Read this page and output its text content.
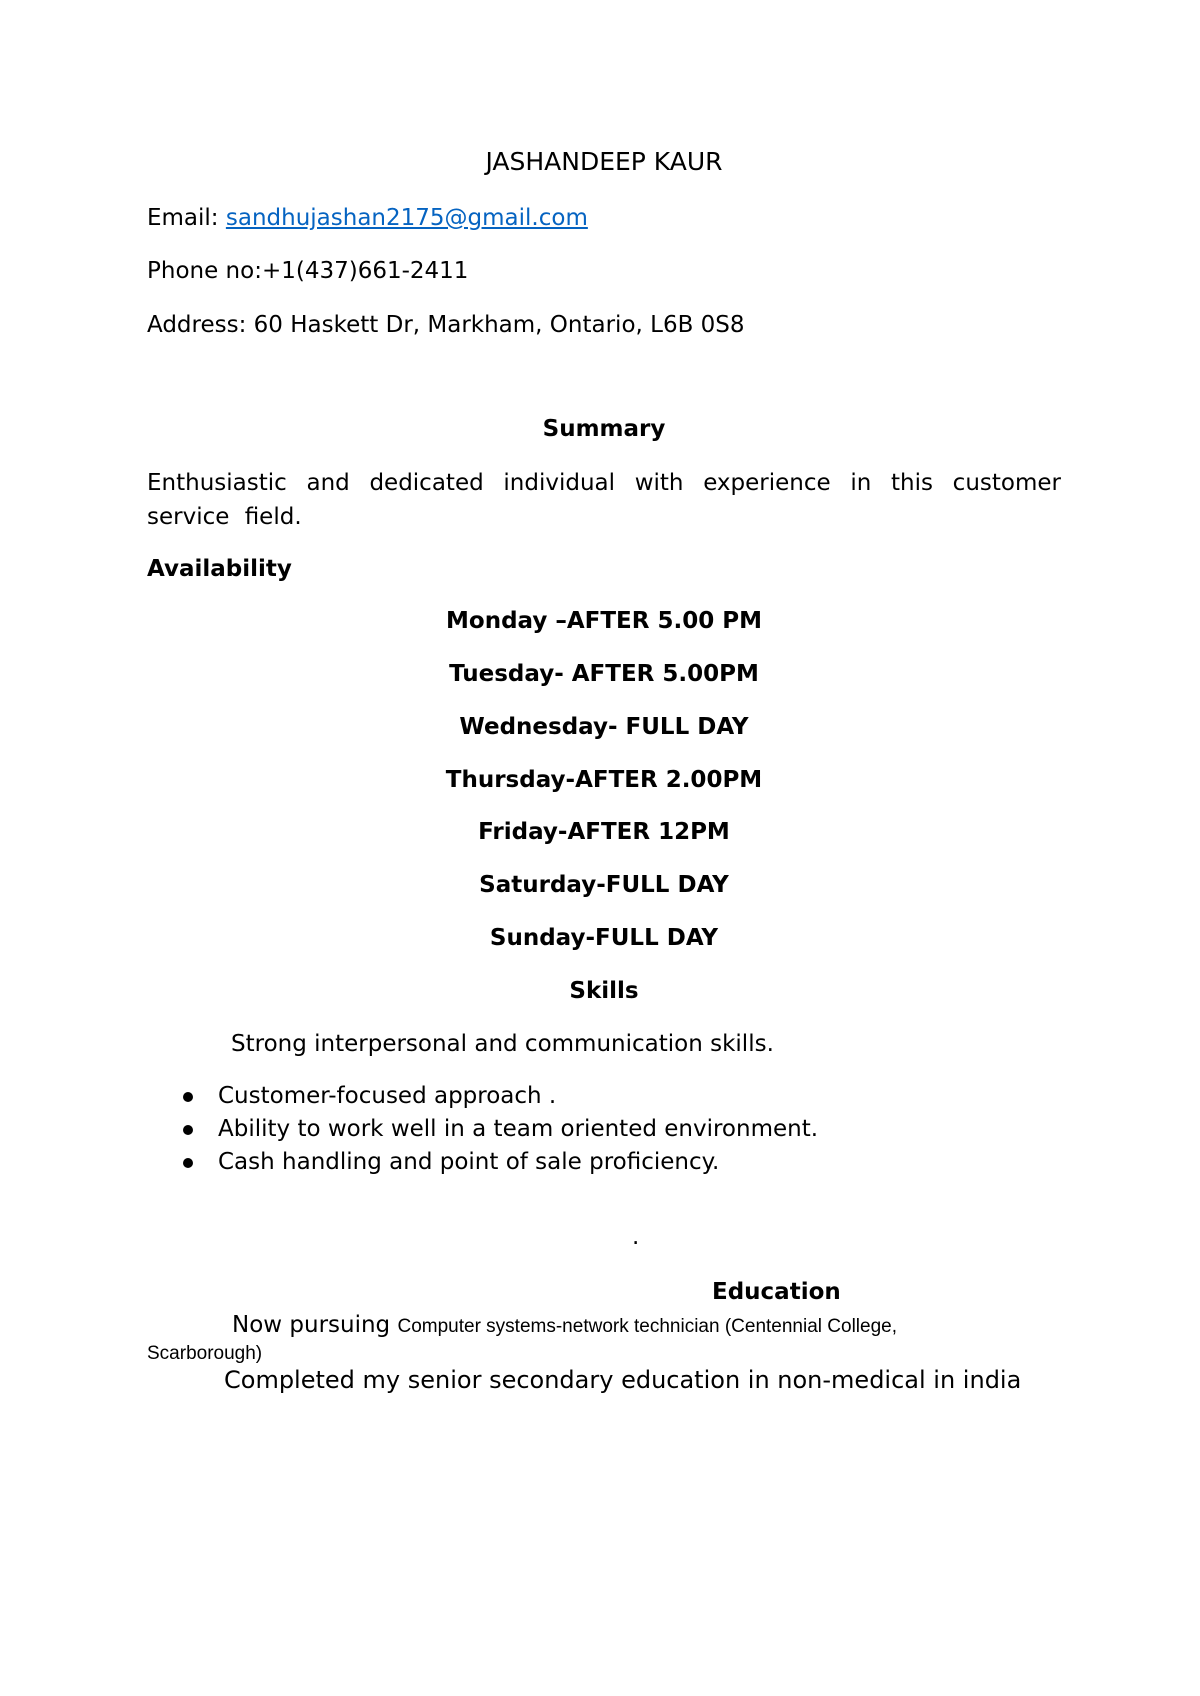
JASHANDEEP KAUR
Email: sandhujashan2175@gmail.com
Phone no:+1(437)661-2411
Address: 60 Haskett Dr, Markham, Ontario, L6B 0S8
Summary
Enthusiastic and dedicated individual with experience in this customer service field.
Availability
Monday –AFTER 5.00 PM
Tuesday- AFTER 5.00PM
Wednesday- FULL DAY
Thursday-AFTER 2.00PM
Friday-AFTER 12PM
Saturday-FULL DAY
Sunday-FULL DAY
Skills
Strong interpersonal and communication skills.
Customer-focused approach .
Ability to work well in a team oriented environment.
Cash handling and point of sale proficiency.
.
Education
Now pursuing Computer systems-network technician (Centennial College,
Scarborough)
Completed my senior secondary education in non-medical in india
